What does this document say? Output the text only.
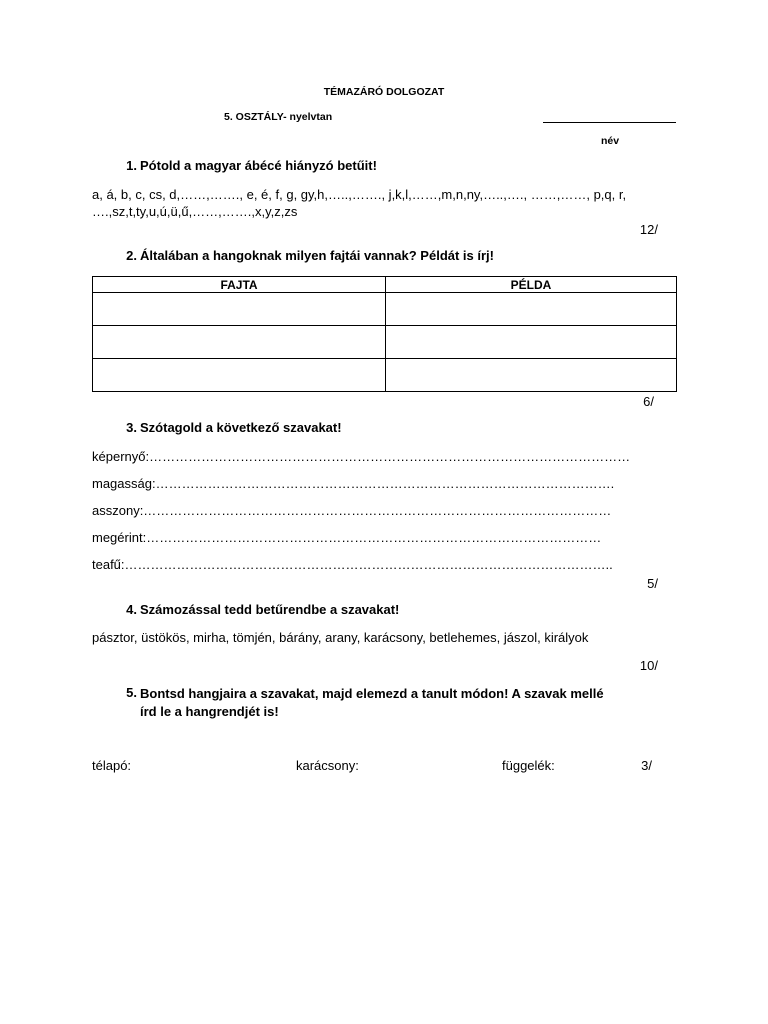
TÉMAZÁRÓ DOLGOZAT
5. OSZTÁLY- nyelvtan
név
1. Pótold a magyar ábécé hiányzó betűit!
a, á, b, c, cs, d,……,……., e, é, f, g, gy,h,…..,……., j,k,l,……,m,n,ny,…..,…., ……,……, p,q, r,
….,sz,t,ty,u,ú,ü,ű,……,…….,x,y,z,zs
12/
2. Általában a hangoknak milyen fajtái vannak? Példát is írj!
FAJTA	PÉLDA

6/
3. Szótagold a következő szavakat!
képernyő:…………………………………………………………………………………………………
magasság:…………………………………………………………………………………………….
asszony:………………………………………………………………………………………………
megérint:……………………………………………………………………………………………
teafű:…………………………………………………………………………………………………..
5/
4. Számozással tedd betűrendbe a szavakat!
pásztor, üstökös, mirha, tömjén, bárány, arany, karácsony, betlehemes, jászol, királyok
10/
5. Bontsd hangjaira a szavakat, majd elemezd a tanult módon! A szavak mellé írd le a hangrendjét is!
télapó:	karácsony:	függelék:	3/
